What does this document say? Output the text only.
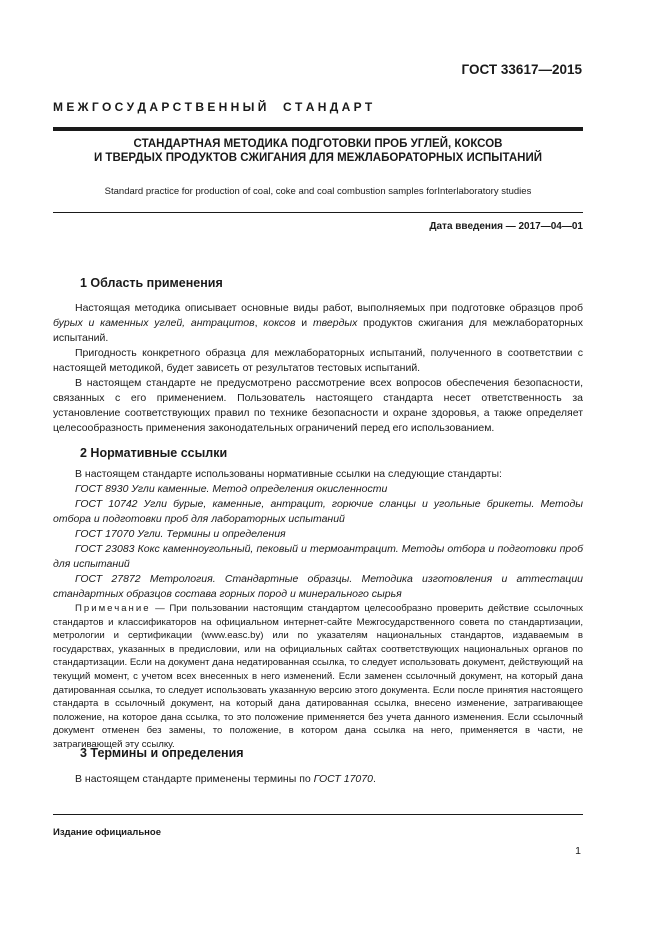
ГОСТ 33617—2015
М Е Ж Г О С У Д А Р С Т В Е Н Н Ы Й     С Т А Н Д А Р Т
СТАНДАРТНАЯ МЕТОДИКА ПОДГОТОВКИ ПРОБ УГЛЕЙ, КОКСОВ
И ТВЕРДЫХ ПРОДУКТОВ СЖИГАНИЯ ДЛЯ МЕЖЛАБОРАТОРНЫХ ИСПЫТАНИЙ
Standard practice for production of coal, coke and coal combustion samples forInterlaboratory studies
Дата введения — 2017—04—01
1 Область применения

Настоящая методика описывает основные виды работ, выполняемых при подготовке образцов проб бурых и каменных углей, антрацитов, коксов и твердых продуктов сжигания для межлабораторных испытаний.

Пригодность конкретного образца для межлабораторных испытаний, полученного в соответствии с настоящей методикой, будет зависеть от результатов тестовых испытаний.

В настоящем стандарте не предусмотрено рассмотрение всех вопросов обеспечения безопасности, связанных с его применением. Пользователь настоящего стандарта несет ответственность за установление соответствующих правил по технике безопасности и охране здоровья, а также определяет целесообразность применения законодательных ограничений перед его использованием.

2 Нормативные ссылки

В настоящем стандарте использованы нормативные ссылки на следующие стандарты:

ГОСТ 8930 Угли каменные. Метод определения окисленности

ГОСТ 10742 Угли бурые, каменные, антрацит, горючие сланцы и угольные брикеты. Методы отбора и подготовки проб для лабораторных испытаний

ГОСТ 17070 Угли. Термины и определения

ГОСТ 23083 Кокс каменноугольный, пековый и термоантрацит. Методы отбора и подготовки проб для испытаний

ГОСТ 27872 Метрология. Стандартные образцы. Методика изготовления и аттестации стандартных образцов состава горных пород и минерального сырья

Примечание — При пользовании настоящим стандартом целесообразно проверить действие ссылочных стандартов и классификаторов на официальном интернет-сайте Межгосударственного совета по стандартизации, метрологии и сертификации (www.easc.by) или по указателям национальных стандартов, издаваемым в государствах, указанных в предисловии, или на официальных сайтах соответствующих национальных органов по стандартизации. Если на документ дана недатированная ссылка, то следует использовать документ, действующий на текущий момент, с учетом всех внесенных в него изменений. Если заменен ссылочный документ, на который дана датированная ссылка, то следует использовать указанную версию этого документа. Если после принятия настоящего стандарта в ссылочный документ, на который дана датированная ссылка, внесено изменение, затрагивающее положение, на которое дана ссылка, то это положение применяется без учета данного изменения. Если ссылочный документ отменен без замены, то положение, в котором дана ссылка на него, применяется в части, не затрагивающей эту ссылку.

3 Термины и определения

В настоящем стандарте применены термины по ГОСТ 17070.

Издание официальное
1
